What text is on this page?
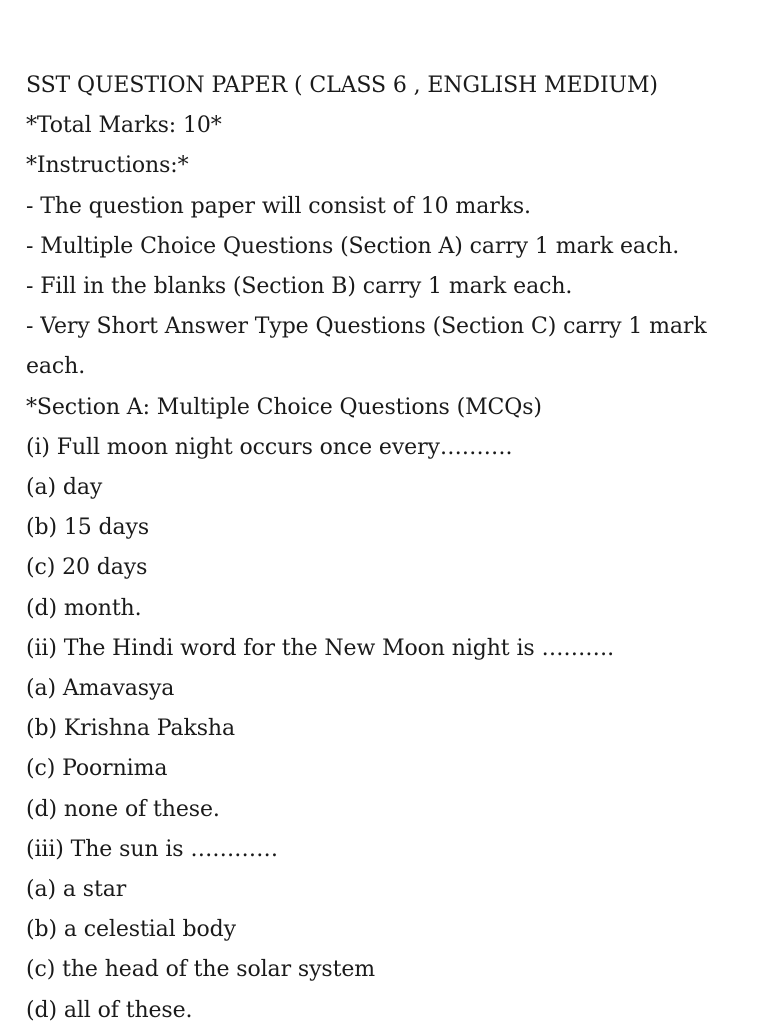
SST QUESTION PAPER ( CLASS 6 , ENGLISH MEDIUM)
*Total Marks: 10*
*Instructions:*
- The question paper will consist of 10 marks.
- Multiple Choice Questions (Section A) carry 1 mark each.
- Fill in the blanks (Section B) carry 1 mark each.
- Very Short Answer Type Questions (Section C) carry 1 mark each.
*Section A: Multiple Choice Questions (MCQs)
(i) Full moon night occurs once every……….
(a) day
(b) 15 days
(c) 20 days
(d) month.
(ii) The Hindi word for the New Moon night is ……….
(a) Amavasya
(b) Krishna Paksha
(c) Poornima
(d) none of these.
(iii) The sun is …………
(a) a star
(b) a celestial body
(c) the head of the solar system
(d) all of these.
